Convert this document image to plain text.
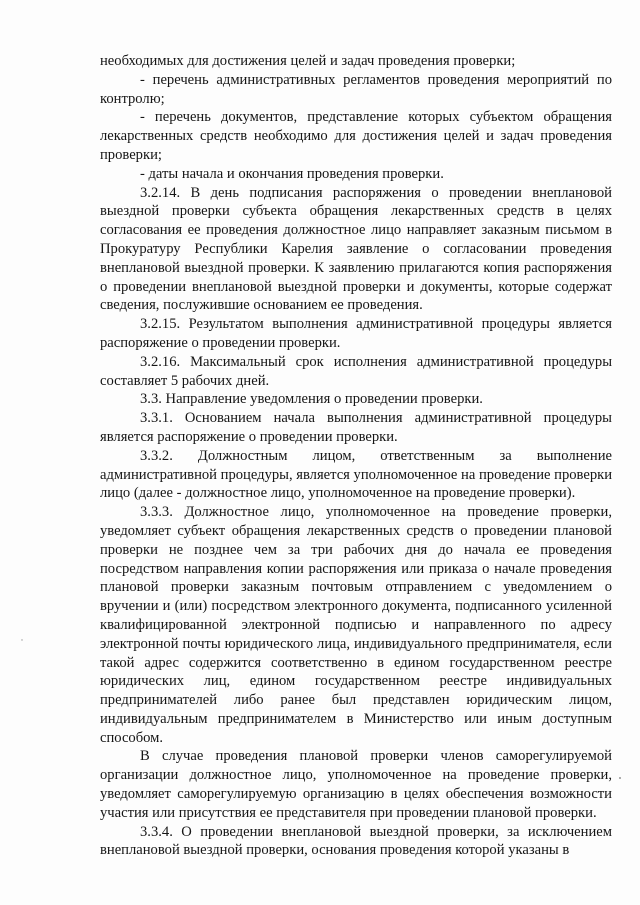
необходимых для достижения целей и задач проведения проверки;

- перечень административных регламентов проведения мероприятий по контролю;

- перечень документов, представление которых субъектом обращения лекарственных средств необходимо для достижения целей и задач проведения проверки;

- даты начала и окончания проведения проверки.

3.2.14. В день подписания распоряжения о проведении внеплановой выездной проверки субъекта обращения лекарственных средств в целях согласования ее проведения должностное лицо направляет заказным письмом в Прокуратуру Республики Карелия заявление о согласовании проведения внеплановой выездной проверки. К заявлению прилагаются копия распоряжения о проведении внеплановой выездной проверки и документы, которые содержат сведения, послужившие основанием ее проведения.

3.2.15. Результатом выполнения административной процедуры является распоряжение о проведении проверки.

3.2.16. Максимальный срок исполнения административной процедуры составляет 5 рабочих дней.

3.3. Направление уведомления о проведении проверки.

3.3.1. Основанием начала выполнения административной процедуры является распоряжение о проведении проверки.

3.3.2. Должностным лицом, ответственным за выполнение административной процедуры, является уполномоченное на проведение проверки лицо (далее - должностное лицо, уполномоченное на проведение проверки).

3.3.3. Должностное лицо, уполномоченное на проведение проверки, уведомляет субъект обращения лекарственных средств о проведении плановой проверки не позднее чем за три рабочих дня до начала ее проведения посредством направления копии распоряжения или приказа о начале проведения плановой проверки заказным почтовым отправлением с уведомлением о вручении и (или) посредством электронного документа, подписанного усиленной квалифицированной электронной подписью и направленного по адресу электронной почты юридического лица, индивидуального предпринимателя, если такой адрес содержится соответственно в едином государственном реестре юридических лиц, едином государственном реестре индивидуальных предпринимателей либо ранее был представлен юридическим лицом, индивидуальным предпринимателем в Министерство или иным доступным способом.

В случае проведения плановой проверки членов саморегулируемой организации должностное лицо, уполномоченное на проведение проверки, уведомляет саморегулируемую организацию в целях обеспечения возможности участия или присутствия ее представителя при проведении плановой проверки.

3.3.4. О проведении внеплановой выездной проверки, за исключением внеплановой выездной проверки, основания проведения которой указаны в
